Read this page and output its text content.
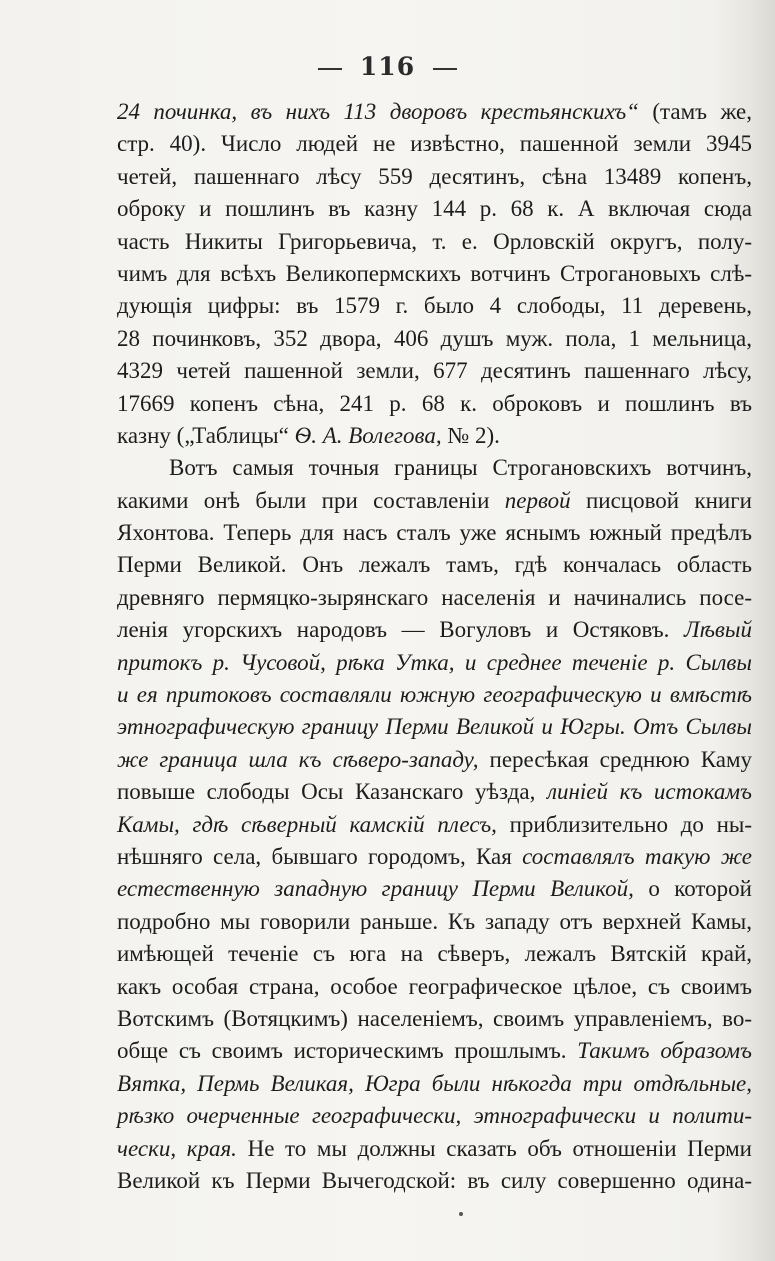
116
24 починка, въ нихъ 113 дворовъ крестьянскихъ“ (тамъ же,
стр. 40). Число людей не извѣстно, пашенной земли 3945
четей, пашеннаго лѣсу 559 десятинъ, сѣна 13489 копенъ,
оброку и пошлинъ въ казну 144 р. 68 к. А включая сюда
часть Никиты Григорьевича, т. е. Орловскій округъ, полу-
чимъ для всѣхъ Великопермскихъ вотчинъ Строгановыхъ слѣ-
дующія цифры: въ 1579 г. было 4 слободы, 11 деревень,
28 починковъ, 352 двора, 406 душъ муж. пола, 1 мельница,
4329 четей пашенной земли, 677 десятинъ пашеннаго лѣсу,
17669 копенъ сѣна, 241 р. 68 к. оброковъ и пошлинъ въ
казну („Таблицы“ Ѳ. А. Волегова, № 2).
Вотъ самыя точныя границы Строгановскихъ вотчинъ,
какими онѣ были при составленіи первой писцовой книги
Яхонтова. Теперь для насъ сталъ уже яснымъ южный предѣлъ
Перми Великой. Онъ лежалъ тамъ, гдѣ кончалась область
древняго пермяцко-зырянскаго населенія и начинались посе-
ленія угорскихъ народовъ — Вогуловъ и Остяковъ. Лѣвый
притокъ р. Чусовой, рѣка Утка, и среднее теченіе р. Сылвы
и ея притоковъ составляли южную географическую и вмѣстѣ
этнографическую границу Перми Великой и Югры. Отъ Сылвы
же граница шла къ сѣверо-западу, пересѣкая среднюю Каму
повыше слободы Осы Казанскаго уѣзда, линіей къ истокамъ
Камы, гдѣ сѣверный камскій плесъ, приблизительно до ны-
нѣшняго села, бывшаго городомъ, Кая составлялъ такую же
естественную западную границу Перми Великой, о которой
подробно мы говорили раньше. Къ западу отъ верхней Камы,
имѣющей теченіе съ юга на сѣверъ, лежалъ Вятскій край,
какъ особая страна, особое географическое цѣлое, съ своимъ
Вотскимъ (Вотяцкимъ) населеніемъ, своимъ управленіемъ, во-
обще съ своимъ историческимъ прошлымъ. Такимъ образомъ
Вятка, Пермь Великая, Югра были нѣкогда три отдѣльные,
рѣзко очерченные географически, этнографически и полити-
чески, края. Не то мы должны сказать объ отношеніи Перми
Великой къ Перми Вычегодской: въ силу совершенно одина-
